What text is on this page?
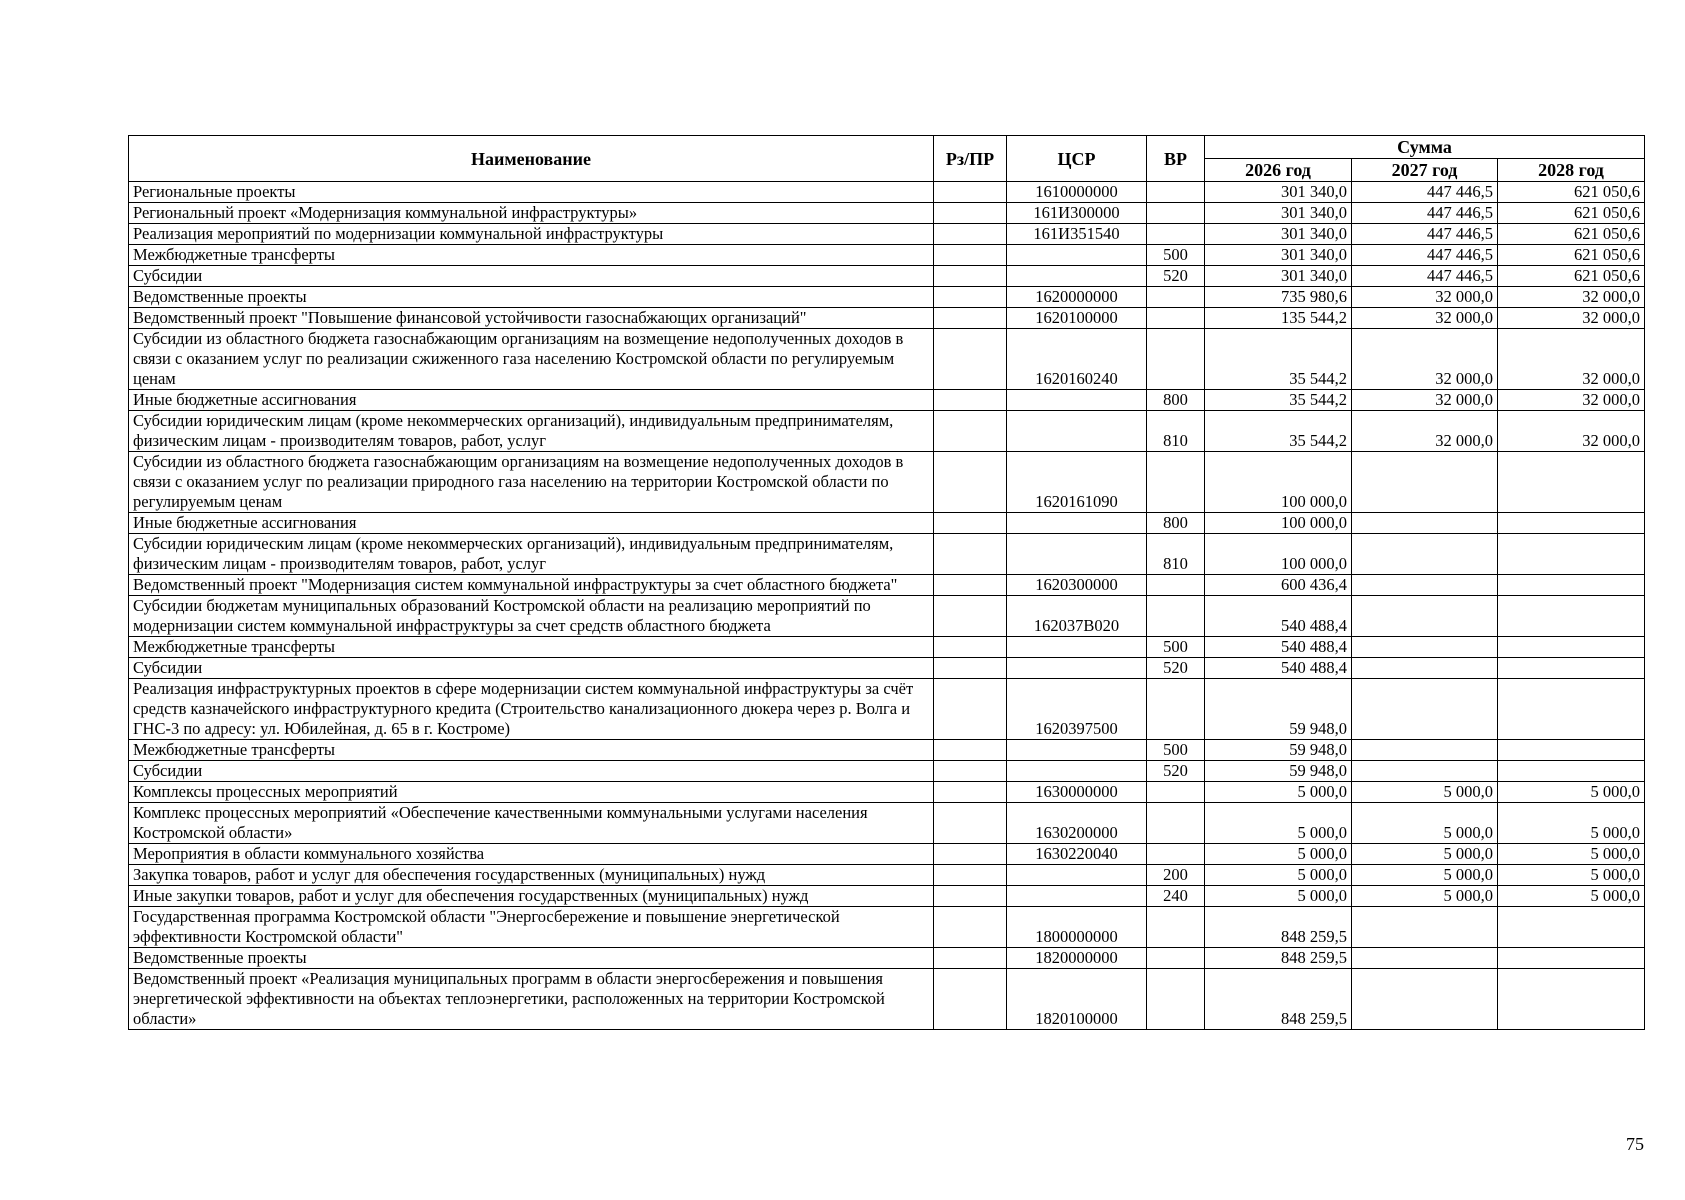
Наименование	Рз/ПР	ЦСР	ВР	Сумма		
				2026 год	2027 год	2028 год
Региональные проекты		1610000000		301 340,0	447 446,5	621 050,6
Региональный проект «Модернизация коммунальной инфраструктуры»		161И300000		301 340,0	447 446,5	621 050,6
Реализация мероприятий по модернизации коммунальной инфраструктуры		161И351540		301 340,0	447 446,5	621 050,6
Межбюджетные трансферты			500	301 340,0	447 446,5	621 050,6
Субсидии			520	301 340,0	447 446,5	621 050,6
Ведомственные проекты		1620000000		735 980,6	32 000,0	32 000,0
Ведомственный проект "Повышение финансовой устойчивости газоснабжающих организаций"		1620100000		135 544,2	32 000,0	32 000,0
Субсидии из областного бюджета газоснабжающим организациям на возмещение недополученных доходов в связи с оказанием услуг по реализации сжиженного газа населению Костромской области по регулируемым ценам		1620160240		35 544,2	32 000,0	32 000,0
Иные бюджетные ассигнования			800	35 544,2	32 000,0	32 000,0
Субсидии юридическим лицам (кроме некоммерческих организаций), индивидуальным предпринимателям, физическим лицам - производителям товаров, работ, услуг			810	35 544,2	32 000,0	32 000,0
Субсидии из областного бюджета газоснабжающим организациям на возмещение недополученных доходов в связи с оказанием услуг по реализации природного газа населению на территории Костромской области по регулируемым ценам		1620161090		100 000,0		
Иные бюджетные ассигнования			800	100 000,0		
Субсидии юридическим лицам (кроме некоммерческих организаций), индивидуальным предпринимателям, физическим лицам - производителям товаров, работ, услуг			810	100 000,0		
Ведомственный проект "Модернизация систем коммунальной инфраструктуры за счет областного бюджета"		1620300000		600 436,4		
Субсидии бюджетам муниципальных образований Костромской области на реализацию мероприятий по модернизации систем коммунальной инфраструктуры за счет средств областного бюджета		162037В020		540 488,4		
Межбюджетные трансферты			500	540 488,4		
Субсидии			520	540 488,4		
Реализация инфраструктурных проектов в сфере модернизации систем коммунальной инфраструктуры за счёт средств казначейского инфраструктурного кредита (Строительство канализационного дюкера через р. Волга и ГНС-3 по адресу: ул. Юбилейная, д. 65 в г. Костроме)		1620397500		59 948,0		
Межбюджетные трансферты			500	59 948,0		
Субсидии			520	59 948,0		
Комплексы процессных мероприятий		1630000000		5 000,0	5 000,0	5 000,0
Комплекс процессных мероприятий «Обеспечение качественными коммунальными услугами населения Костромской области»		1630200000		5 000,0	5 000,0	5 000,0
Мероприятия в области коммунального хозяйства		1630220040		5 000,0	5 000,0	5 000,0
Закупка товаров, работ и услуг для обеспечения государственных (муниципальных) нужд			200	5 000,0	5 000,0	5 000,0
Иные закупки товаров, работ и услуг для обеспечения государственных (муниципальных) нужд			240	5 000,0	5 000,0	5 000,0
Государственная программа Костромской области "Энергосбережение и повышение энергетической эффективности Костромской области"		1800000000		848 259,5		
Ведомственные проекты		1820000000		848 259,5		
Ведомственный проект «Реализация муниципальных программ в области энергосбережения и повышения энергетической эффективности на объектах теплоэнергетики, расположенных на территории Костромской области»		1820100000		848 259,5		
75
